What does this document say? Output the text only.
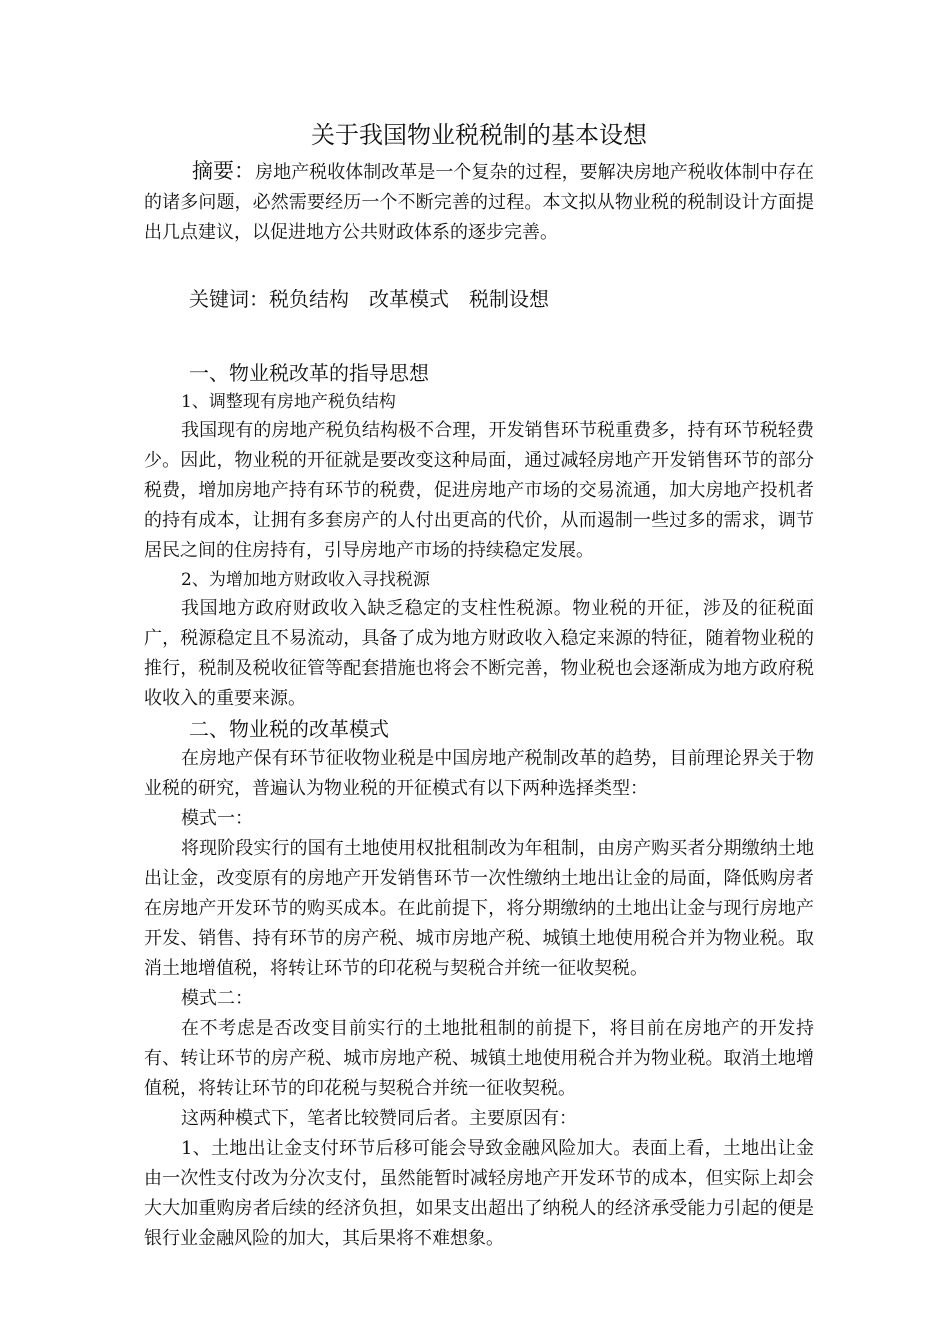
关于我国物业税税制的基本设想

摘要：房地产税收体制改革是一个复杂的过程，要解决房地产税收体制中存在的诸多问题，必然需要经历一个不断完善的过程。本文拟从物业税的税制设计方面提出几点建议，以促进地方公共财政体系的逐步完善。

关键词：税负结构 改革模式 税制设想

一、物业税改革的指导思想

1、调整现有房地产税负结构

我国现有的房地产税负结构极不合理，开发销售环节税重费多，持有环节税轻费少。因此，物业税的开征就是要改变这种局面，通过减轻房地产开发销售环节的部分税费，增加房地产持有环节的税费，促进房地产市场的交易流通，加大房地产投机者的持有成本，让拥有多套房产的人付出更高的代价，从而遏制一些过多的需求，调节居民之间的住房持有，引导房地产市场的持续稳定发展。

2、为增加地方财政收入寻找税源

我国地方政府财政收入缺乏稳定的支柱性税源。物业税的开征，涉及的征税面广，税源稳定且不易流动，具备了成为地方财政收入稳定来源的特征，随着物业税的推行，税制及税收征管等配套措施也将会不断完善，物业税也会逐渐成为地方政府税收收入的重要来源。

二、物业税的改革模式

在房地产保有环节征收物业税是中国房地产税制改革的趋势，目前理论界关于物业税的研究，普遍认为物业税的开征模式有以下两种选择类型：

模式一：

将现阶段实行的国有土地使用权批租制改为年租制，由房产购买者分期缴纳土地出让金，改变原有的房地产开发销售环节一次性缴纳土地出让金的局面，降低购房者在房地产开发环节的购买成本。在此前提下，将分期缴纳的土地出让金与现行房地产开发、销售、持有环节的房产税、城市房地产税、城镇土地使用税合并为物业税。取消土地增值税，将转让环节的印花税与契税合并统一征收契税。

模式二：

在不考虑是否改变目前实行的土地批租制的前提下，将目前在房地产的开发持有、转让环节的房产税、城市房地产税、城镇土地使用税合并为物业税。取消土地增值税，将转让环节的印花税与契税合并统一征收契税。

这两种模式下，笔者比较赞同后者。主要原因有：

1、土地出让金支付环节后移可能会导致金融风险加大。表面上看，土地出让金由一次性支付改为分次支付，虽然能暂时减轻房地产开发环节的成本，但实际上却会大大加重购房者后续的经济负担，如果支出超出了纳税人的经济承受能力引起的便是银行业金融风险的加大，其后果将不难想象。
